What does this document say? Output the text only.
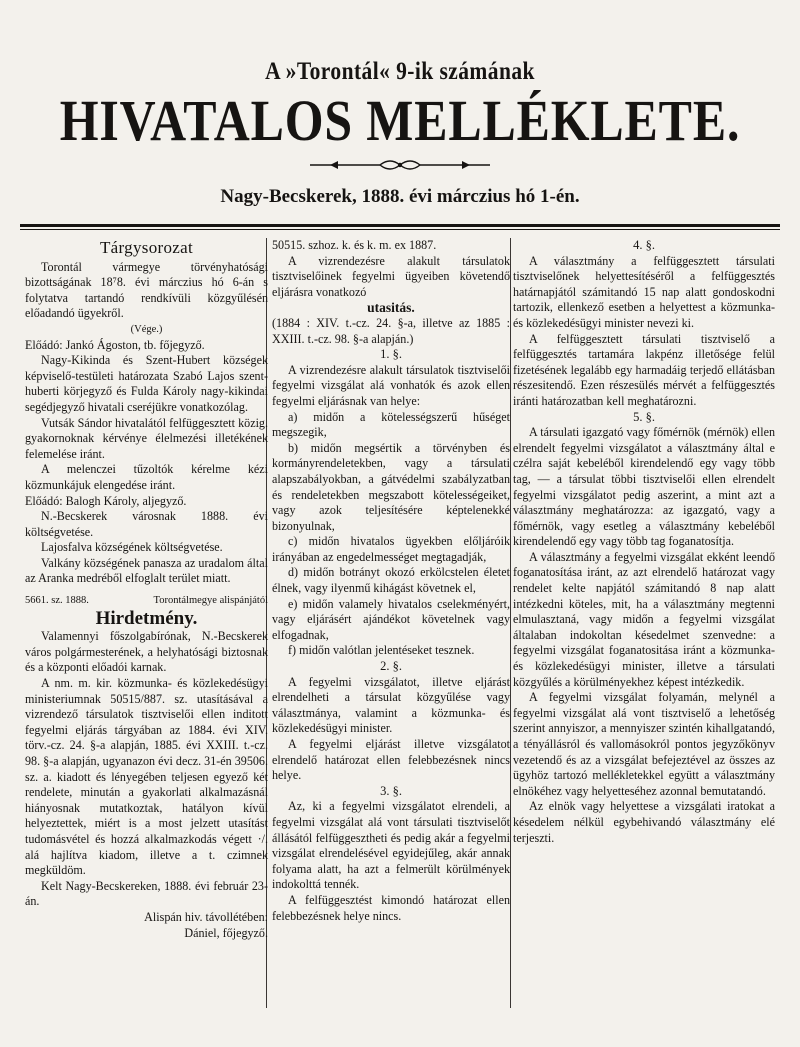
A »Torontál« 9-ik számának
HIVATALOS MELLÉKLETE.
Nagy-Becskerek, 1888. évi márczius hó 1-én.
Tárgysorozat

Torontál vármegye törvényhatósági bizottságának 18⁷8. évi márczius hó 6-án s folytatva tartandó rendkívüli közgyűlésén előadandó ügyekről.

(Vége.)

Előádó: Jankó Ágoston, tb. főjegyző.

Nagy-Kikinda és Szent-Hubert községek képviselő-testületi határozata Szabó Lajos szent-huberti körjegyző és Fulda Károly nagy-kikindai segédjegyző hivatali cseréjükre vonatkozólag.

Vutsák Sándor hivatalától felfüggesztett közig. gyakornoknak kérvénye élelmezési illetékének felemelése iránt.

A melenczei tűzoltók kérelme kézi közmunkájuk elengedése iránt.

Előádó: Balogh Károly, aljegyző.

N.-Becskerek városnak 1888. évi költségvetése.

Lajosfalva községének költségvetése.

Valkány községének panasza az uradalom által az Aranka medréből elfoglalt terület miatt.

5661. sz. 1888.	Torontálmegye alispánjától
Hirdetmény.

Valamennyi főszolgabírónak, N.-Becskerek város polgármesterének, a helyhatósági biztosnak és a központi előadói karnak.

A nm. m. kir. közmunka- és közlekedésügyi ministeriumnak 50515/887. sz. utasításával a vizrendező társulatok tisztviselői ellen inditott fegyelmi eljárás tárgyában az 1884. évi XIV. törv.-cz. 24. §-a alapján, 1885. évi XXIII. t.-cz. 98. §-a alapján, ugyanazon évi decz. 31-én 39506. sz. a. kiadott és lényegében teljesen egyező két rendelete, minután a gyakorlati alkalmazásnál hiányosnak mutatkoztak, hatályon kívül helyeztettek, miért is a most jelzett utasítást tudomásvétel és hozzá alkalmazkodás végett ·/. alá hajlítva kiadom, illetve a t. czimnek megküldöm.

Kelt Nagy-Becskereken, 1888. évi február 23-án.

Alispán hiv. távollétében:

Dániel, főjegyző.

50515. szhoz. k. és k. m. ex 1887.

A vizrendezésre alakult társulatok tisztviselőinek fegyelmi ügyeiben követendő eljárásra vonatkozó

utasitás.

(1884 : XIV. t.-cz. 24. §-a, illetve az 1885 : XXIII. t.-cz. 98. §-a alapján.)

1. §.

A vizrendezésre alakult társulatok tisztviselői fegyelmi vizsgálat alá vonhatók és azok ellen fegyelmi eljárásnak van helye:

a) midőn a kötelességszerű hűséget megszegik,

b) midőn megsértik a törvényben és kormányrendeletekben, vagy a társulati alapszabályokban, a gátvédelmi szabályzatban és rendeletekben megszabott kötelességeiket, vagy azok teljesítésére képtelenekké bizonyulnak,

c) midőn hivatalos ügyekben előljáróik irányában az engedelmességet megtagadják,

d) midőn botrányt okozó erkölcstelen életet élnek, vagy ilyenmű kihágást követnek el,

e) midőn valamely hivatalos cselekményért, vagy eljárásért ajándékot követelnek vagy elfogadnak,

f) midőn valótlan jelentéseket tesznek.

2. §.

A fegyelmi vizsgálatot, illetve eljárást elrendelheti a társulat közgyűlése vagy választmánya, valamint a közmunka- és közlekedésügyi minister.

A fegyelmi eljárást illetve vizsgálatot elrendelő határozat ellen felebbezésnek nincs helye.

3. §.

Az, ki a fegyelmi vizsgálatot elrendeli, a fegyelmi vizsgálat alá vont társulati tisztviselőt állásától felfüggesztheti és pedig akár a fegyelmi vizsgálat elrendelésével egyidejűleg, akár annak folyama alatt, ha azt a felmerült körülmények indokolttá tennék.

A felfüggesztést kimondó határozat ellen felebbezésnek helye nincs.

4. §.

A választmány a felfüggesztett társulati tisztviselőnek helyettesítéséről a felfüggesztés határnapjától számitandó 15 nap alatt gondoskodni tartozik, ellenkező esetben a helyettest a közmunka- és közlekedésügyi minister nevezi ki.

A felfüggesztett társulati tisztviselő a felfüggesztés tartamára lakpénz illetősége felül fizetésének legalább egy harmadáig terjedő ellátásban részesitendő. Ezen részesülés mérvét a felfüggesztés iránti határozatban kell meghatározni.

5. §.

A társulati igazgató vagy főmérnök (mérnök) ellen elrendelt fegyelmi vizsgálatot a választmány által e czélra saját kebeléből kirendelendő egy vagy több tag, — a társulat többi tisztviselői ellen elrendelt fegyelmi vizsgálatot pedig aszerint, a mint azt a választmány meghatározza: az igazgató, vagy a főmérnök, vagy esetleg a választmány kebeléből kirendelendő egy vagy több tag foganatosítja.

A választmány a fegyelmi vizsgálat ekként leendő foganatosítása iránt, az azt elrendelő határozat vagy rendelet kelte napjától számitandó 8 nap alatt intézkedni köteles, mit, ha a választmány megtenni elmulasztaná, vagy midőn a fegyelmi vizsgálat általaban indokoltan késedelmet szenvedne: a fegyelmi vizsgálat foganatositása iránt a közmunka- és közlekedésügyi minister, illetve a társulati közgyűlés a körülményekhez képest intézkedik.

A fegyelmi vizsgálat folyamán, melynél a fegyelmi vizsgálat alá vont tisztviselő a lehetőség szerint annyiszor, a mennyiszer szintén kihallgatandó, a tényállásról és vallomásokról pontos jegyzőkönyv vezetendő és az a vizsgálat befejeztével az összes az ügyhöz tartozó mellékletekkel együtt a választmány elnökéhez vagy helyetteséhez azonnal bemutatandó.

Az elnök vagy helyettese a vizsgálati iratokat a késedelem nélkül egybehivandó választmány elé terjeszti.
